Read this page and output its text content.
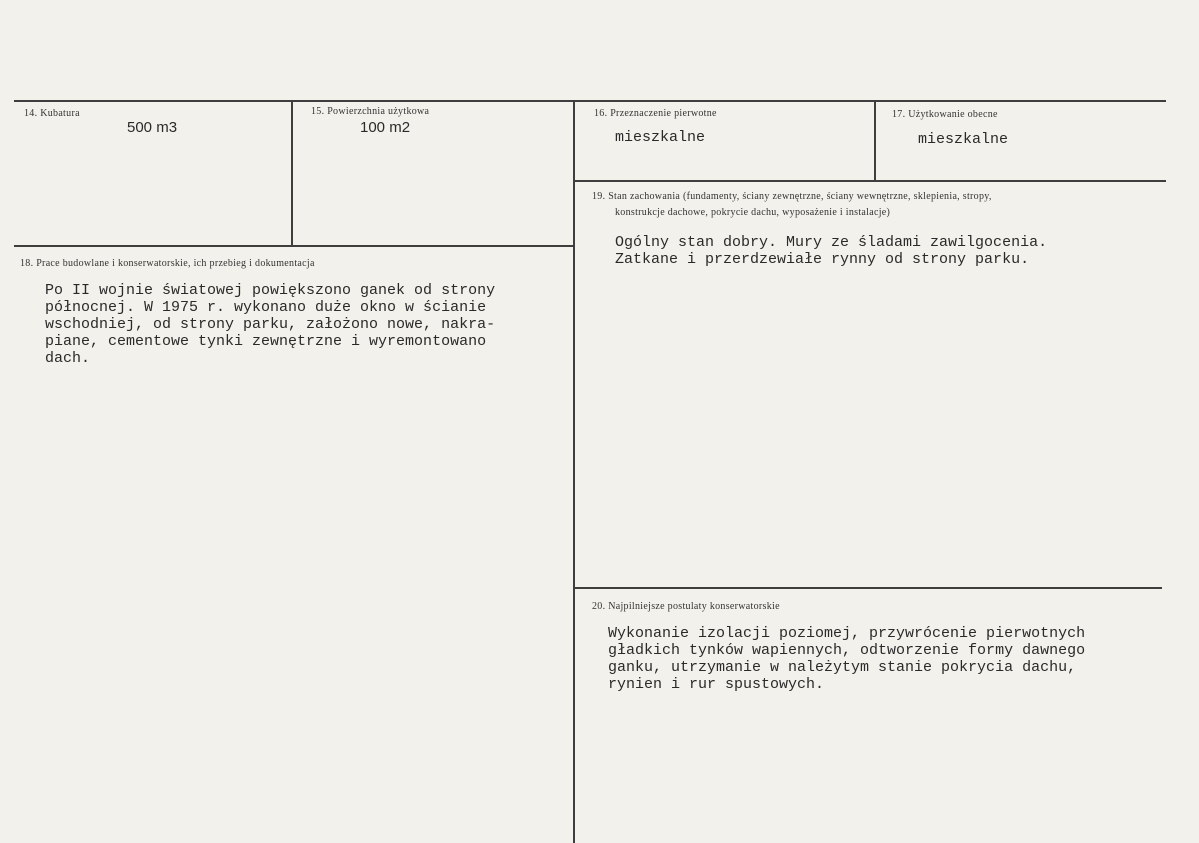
14. Kubatura
500 m3
15. Powierzchnia użytkowa
100 m2
16. Przeznaczenie pierwotne
mieszkalne
17. Użytkowanie obecne
mieszkalne
18. Prace budowlane i konserwatorskie, ich przebieg i dokumentacja
Po II wojnie światowej powiększono ganek od strony
północnej. W 1975 r. wykonano duże okno w ścianie
wschodniej, od strony parku, założono nowe, nakra-
piane, cementowe tynki zewnętrzne i wyremontowano
dach.
19. Stan zachowania (fundamenty, ściany zewnętrzne, ściany wewnętrzne, sklepienia, stropy,
konstrukcje dachowe, pokrycie dachu, wyposażenie i instalacje)
Ogólny stan dobry. Mury ze śladami zawilgocenia.
Zatkane i przerdzewiałe rynny od strony parku.
20. Najpilniejsze postulaty konserwatorskie
Wykonanie izolacji poziomej, przywrócenie pierwotnych
gładkich tynków wapiennych, odtworzenie formy dawnego
ganku, utrzymanie w należytym stanie pokrycia dachu,
rynien i rur spustowych.
